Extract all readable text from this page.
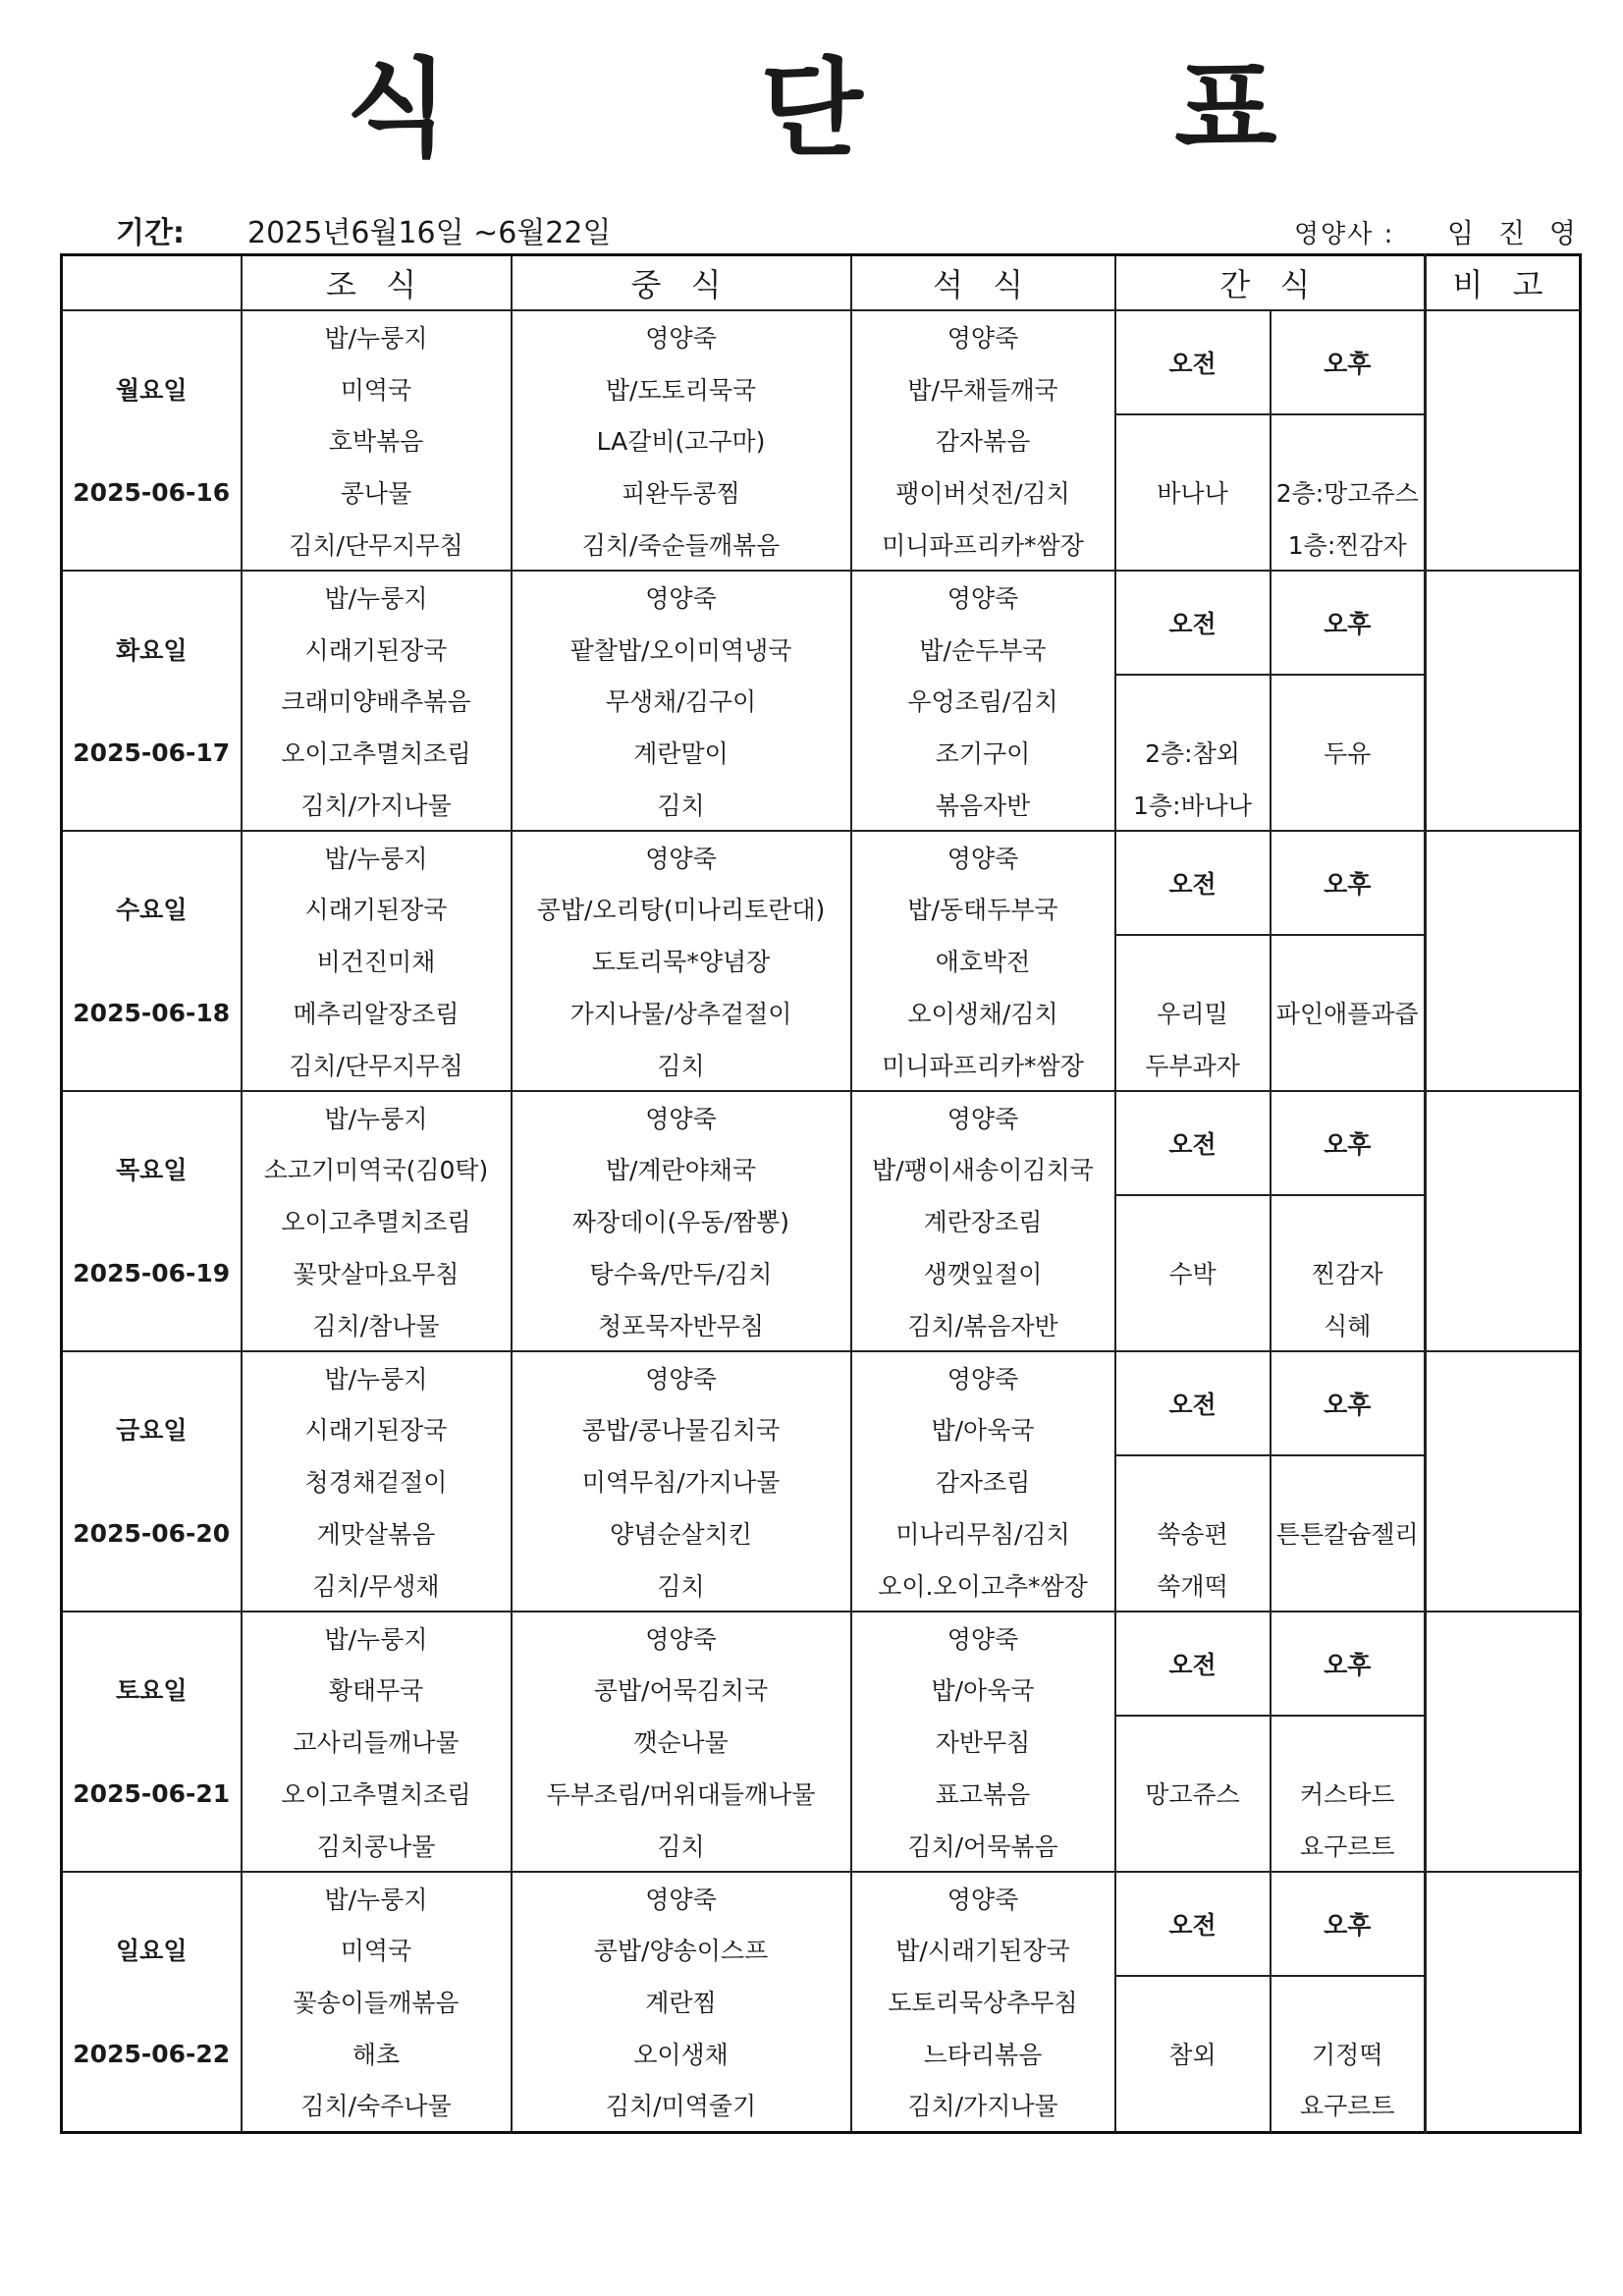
식 단 표
기간: 2025년6월16일 ~6월22일	영양사 : 임 진 영
	조 식	중 식	석 식	간 식		비 고
	밥/누룽지	영양죽	영양죽	오전	오후	
월요일	미역국	밥/도토리묵국	밥/무채들깨국			
	호박볶음	LA갈비(고구마)	감자볶음			
2025-06-16	콩나물	피완두콩찜	팽이버섯전/김치	바나나	2층:망고쥬스	
	김치/단무지무침	김치/죽순들깨볶음	미니파프리카*쌈장		1층:찐감자	
	밥/누룽지	영양죽	영양죽	오전	오후	
화요일	시래기된장국	팥찰밥/오이미역냉국	밥/순두부국			
	크래미양배추볶음	무생채/김구이	우엉조림/김치			
2025-06-17	오이고추멸치조림	계란말이	조기구이	2층:참외	두유	
	김치/가지나물	김치	볶음자반	1층:바나나		
	밥/누룽지	영양죽	영양죽	오전	오후	
수요일	시래기된장국	콩밥/오리탕(미나리토란대)	밥/동태두부국			
	비건진미채	도토리묵*양념장	애호박전			
2025-06-18	메추리알장조림	가지나물/상추겉절이	오이생채/김치	우리밀	파인애플과즙	
	김치/단무지무침	김치	미니파프리카*쌈장	두부과자		
	밥/누룽지	영양죽	영양죽	오전	오후	
목요일	소고기미역국(김0탁)	밥/계란야채국	밥/팽이새송이김치국			
	오이고추멸치조림	짜장데이(우동/짬뽕)	계란장조림			
2025-06-19	꽃맛살마요무침	탕수육/만두/김치	생깻잎절이	수박	찐감자	
	김치/참나물	청포묵자반무침	김치/볶음자반		식혜	
	밥/누룽지	영양죽	영양죽	오전	오후	
금요일	시래기된장국	콩밥/콩나물김치국	밥/아욱국			
	청경채겉절이	미역무침/가지나물	감자조림			
2025-06-20	게맛살볶음	양념순살치킨	미나리무침/김치	쑥송편	튼튼칼슘젤리	
	김치/무생채	김치	오이.오이고추*쌈장	쑥개떡		
	밥/누룽지	영양죽	영양죽	오전	오후	
토요일	황태무국	콩밥/어묵김치국	밥/아욱국			
	고사리들깨나물	깻순나물	자반무침			
2025-06-21	오이고추멸치조림	두부조림/머위대들깨나물	표고볶음	망고쥬스	커스타드	
	김치콩나물	김치	김치/어묵볶음		요구르트	
	밥/누룽지	영양죽	영양죽	오전	오후	
일요일	미역국	콩밥/양송이스프	밥/시래기된장국			
	꽃송이들깨볶음	계란찜	도토리묵상추무침			
2025-06-22	해초	오이생채	느타리볶음	참외	기정떡	
	김치/숙주나물	김치/미역줄기	김치/가지나물		요구르트	
